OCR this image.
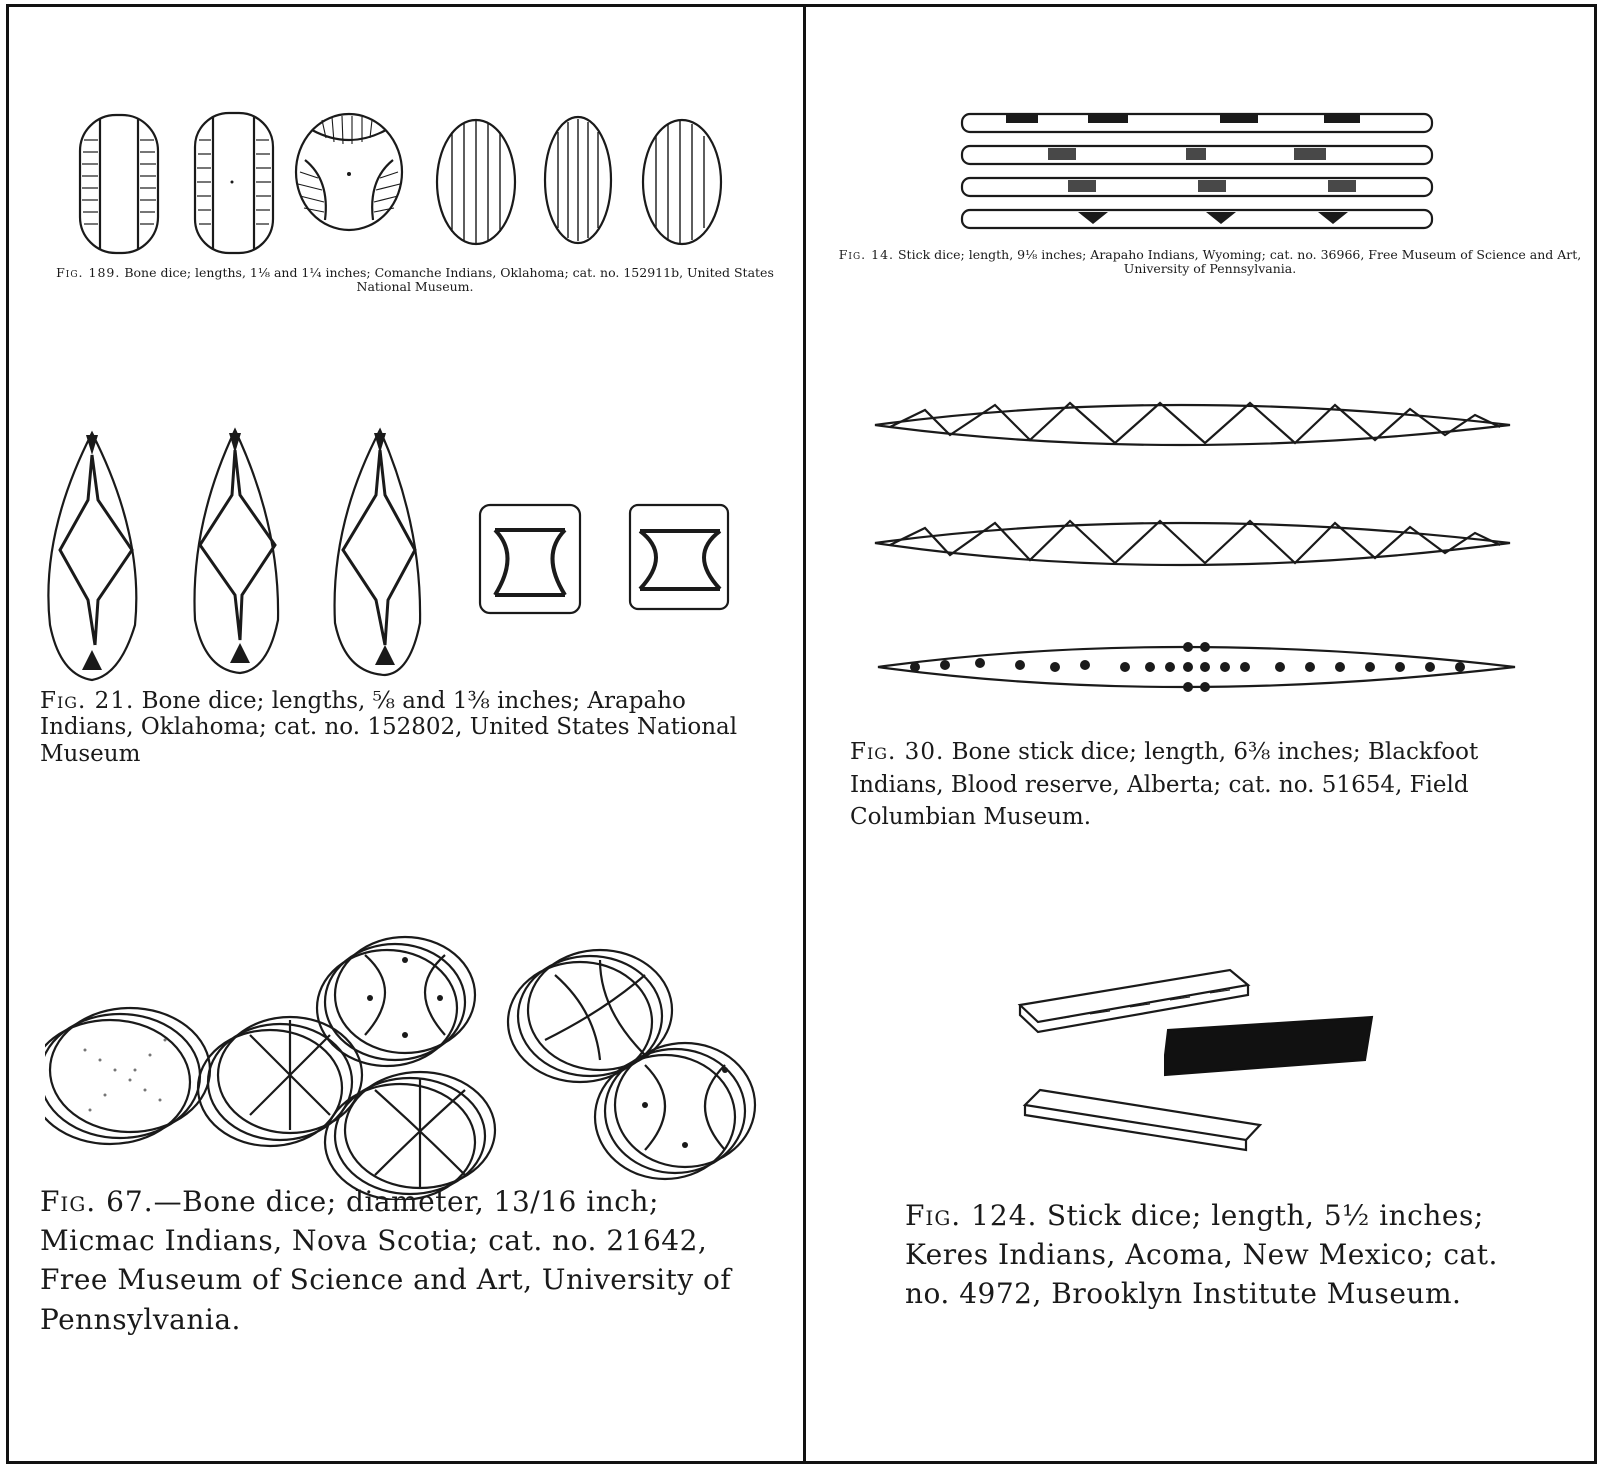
Fig. 189. Bone dice; lengths, 1⅛ and 1¼ inches; Comanche Indians, Oklahoma; cat. no. 152911b, United States National Museum.
Fig. 14. Stick dice; length, 9⅛ inches; Arapaho Indians, Wyoming; cat. no. 36966, Free Museum of Science and Art, University of Pennsylvania.
Fig. 21. Bone dice; lengths, ⅝ and 1⅜ inches; Arapaho Indians, Oklahoma; cat. no. 152802, United States National Museum	Fig. 30. Bone stick dice; length, 6⅜ inches; Blackfoot Indians, Blood reserve, Alberta; cat. no. 51654, Field Columbian Museum.
Fig. 67.—Bone dice; diameter, 13/16 inch; Micmac Indians, Nova Scotia; cat. no. 21642, Free Museum of Science and Art, University of Pennsylvania.
Fig. 124. Stick dice; length, 5½ inches; Keres Indians, Acoma, New Mexico; cat. no. 4972, Brooklyn Institute Museum.
